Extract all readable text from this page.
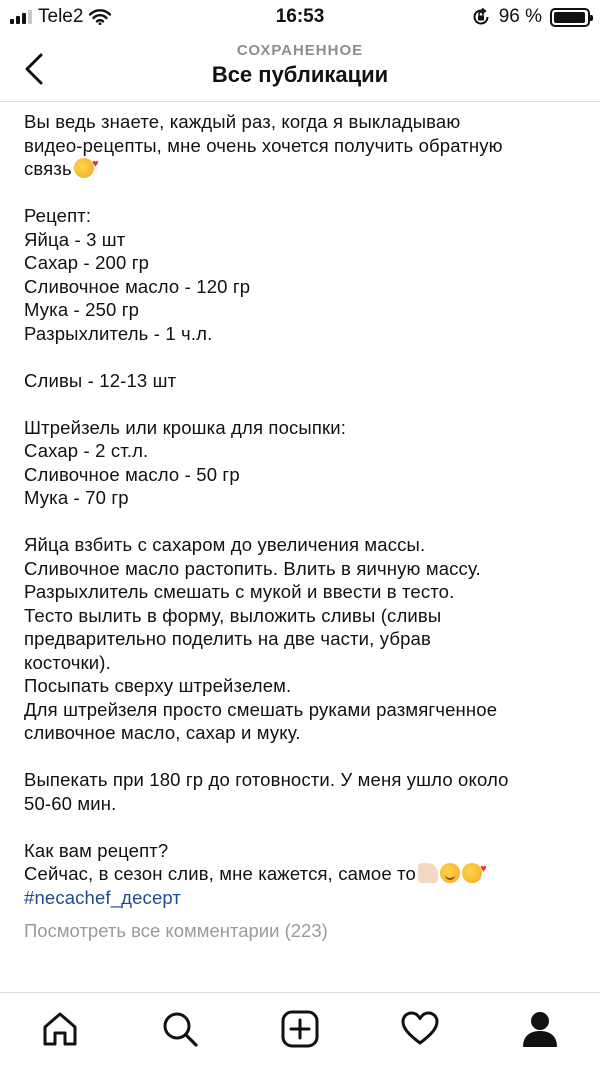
Tele2	16:53	96 %
СОХРАНЕННОЕ
Все публикации
Вы ведь знаете, каждый раз, когда я выкладываю
видео-рецепты, мне очень хочется получить обратную
связь♥
Рецепт:
Яйца - 3 шт
Сахар - 200 гр
Сливочное масло - 120 гр
Мука - 250 гр
Разрыхлитель - 1 ч.л.
Сливы - 12-13 шт
Штрейзель или крошка для посыпки:
Сахар - 2 ст.л.
Сливочное масло - 50 гр
Мука - 70 гр
Яйца взбить с сахаром до увеличения массы.
Сливочное масло растопить. Влить в яичную массу.
Разрыхлитель смешать с мукой и ввести в тесто.
Тесто вылить в форму, выложить сливы (сливы
предварительно поделить на две части, убрав
косточки).
Посыпать сверху штрейзелем.
Для штрейзеля просто смешать руками размягченное
сливочное масло, сахар и муку.
Выпекать при 180 гр до готовности. У меня ушло около
50-60 мин.
Как вам рецепт?
Сейчас, в сезон слив, мне кажется, самое то♥
#necachef_десерт
Посмотреть все комментарии (223)
